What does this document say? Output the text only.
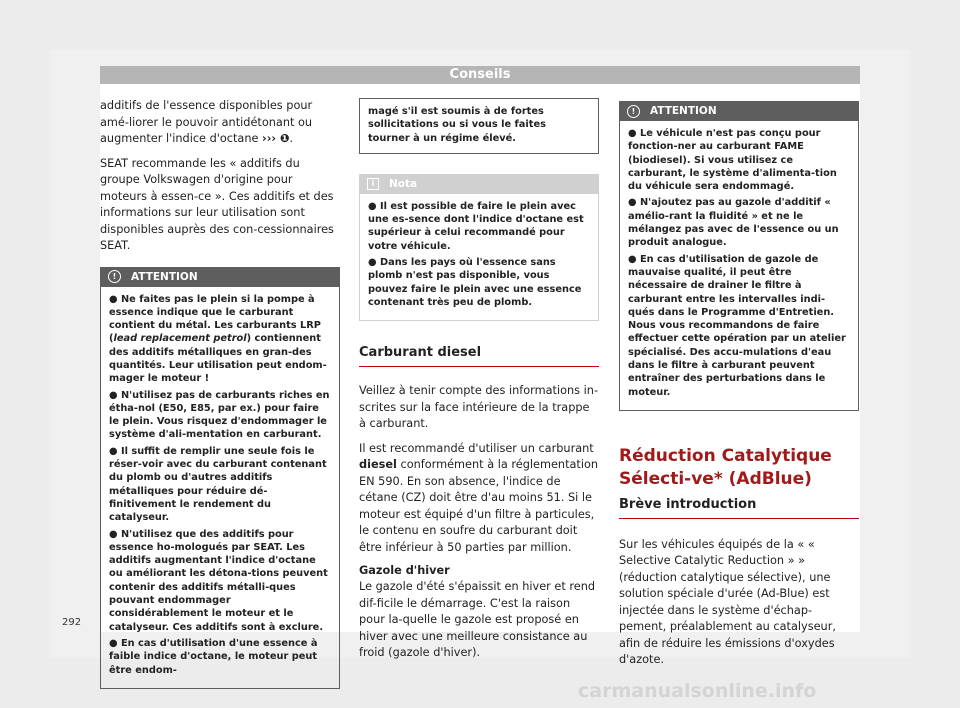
Conseils

additifs de l'essence disponibles pour amé-liorer le pouvoir antidétonant ou augmenter l'indice d'octane ››› ❶.

SEAT recommande les « additifs du groupe Volkswagen d'origine pour moteurs à essen-ce ». Ces additifs et des informations sur leur utilisation sont disponibles auprès des con-cessionnaires SEAT.

!	ATTENTION
● Ne faites pas le plein si la pompe à essence indique que le carburant contient du métal. Les carburants LRP (lead replacement petrol) contiennent des additifs métalliques en gran-des quantités. Leur utilisation peut endom-mager le moteur !
● N'utilisez pas de carburants riches en étha-nol (E50, E85, par ex.) pour faire le plein. Vous risquez d'endommager le système d'ali-mentation en carburant.
● Il suffit de remplir une seule fois le réser-voir avec du carburant contenant du plomb ou d'autres additifs métalliques pour réduire dé-finitivement le rendement du catalyseur.
● N'utilisez que des additifs pour essence ho-mologués par SEAT. Les additifs augmentant l'indice d'octane ou améliorant les détona-tions peuvent contenir des additifs métalli-ques pouvant endommager considérablement le moteur et le catalyseur. Ces additifs sont à exclure.
● En cas d'utilisation d'une essence à faible indice d'octane, le moteur peut être endom-
magé s'il est soumis à de fortes sollicitations ou si vous le faites tourner à un régime élevé.
i	Nota
● Il est possible de faire le plein avec une es-sence dont l'indice d'octane est supérieur à celui recommandé pour votre véhicule.
● Dans les pays où l'essence sans plomb n'est pas disponible, vous pouvez faire le plein avec une essence contenant très peu de plomb.
Carburant diesel

Veillez à tenir compte des informations in-scrites sur la face intérieure de la trappe à carburant.

Il est recommandé d'utiliser un carburant diesel conformément à la réglementation EN 590. En son absence, l'indice de cétane (CZ) doit être d'au moins 51. Si le moteur est équipé d'un filtre à particules, le contenu en soufre du carburant doit être inférieur à 50 parties par million.

Gazole d'hiver

Le gazole d'été s'épaissit en hiver et rend dif-ficile le démarrage. C'est la raison pour la-quelle le gazole est proposé en hiver avec une meilleure consistance au froid (gazole d'hiver).

!	ATTENTION
● Le véhicule n'est pas conçu pour fonction-ner au carburant FAME (biodiesel). Si vous utilisez ce carburant, le système d'alimenta-tion du véhicule sera endommagé.
● N'ajoutez pas au gazole d'additif « amélio-rant la fluidité » et ne le mélangez pas avec de l'essence ou un produit analogue.
● En cas d'utilisation de gazole de mauvaise qualité, il peut être nécessaire de drainer le filtre à carburant entre les intervalles indi-qués dans le Programme d'Entretien. Nous vous recommandons de faire effectuer cette opération par un atelier spécialisé. Des accu-mulations d'eau dans le filtre à carburant peuvent entraîner des perturbations dans le moteur.
Réduction Catalytique Sélecti-ve* (AdBlue)
Brève introduction

Sur les véhicules équipés de la « « Selective Catalytic Reduction » » (réduction catalytique sélective), une solution spéciale d'urée (Ad-Blue) est injectée dans le système d'échap-pement, préalablement au catalyseur, afin de réduire les émissions d'oxydes d'azote.

292
carmanualsonline.info
